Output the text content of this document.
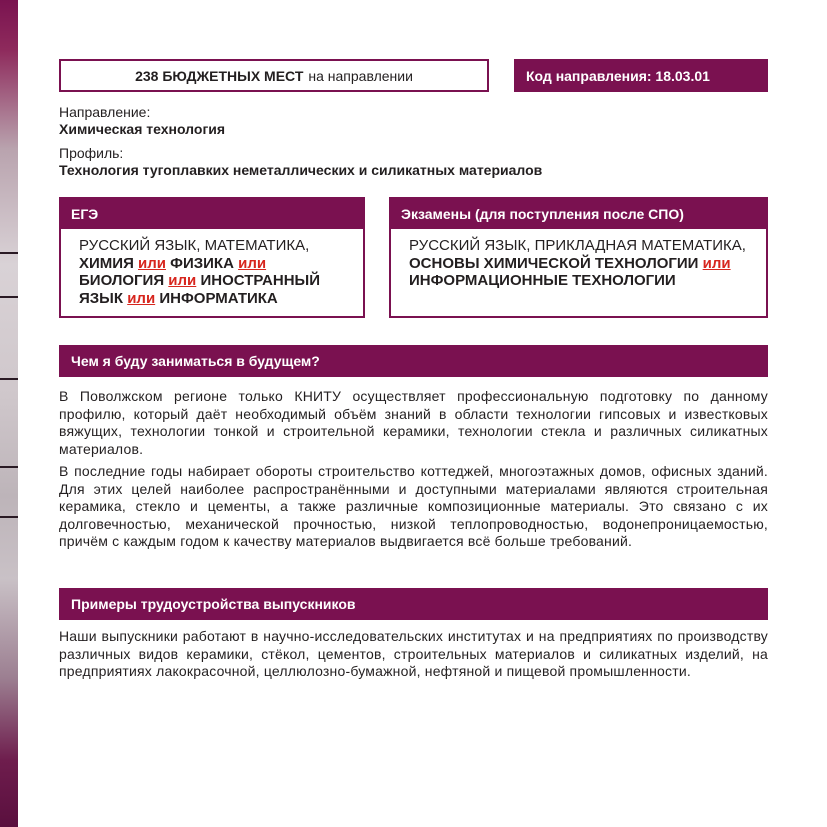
238 БЮДЖЕТНЫХ МЕСТ на направлении	Код направления: 18.03.01
Направление:
Химическая технология
Профиль:
Технология тугоплавких неметаллических и силикатных материалов
ЕГЭ
РУССКИЙ ЯЗЫК, МАТЕМАТИКА,
ХИМИЯ или ФИЗИКА или БИОЛОГИЯ или ИНОСТРАННЫЙ ЯЗЫК или ИНФОРМАТИКА
Экзамены (для поступления после СПО)
РУССКИЙ ЯЗЫК, ПРИКЛАДНАЯ МАТЕМАТИКА, ОСНОВЫ ХИМИЧЕСКОЙ ТЕХНОЛОГИИ или ИНФОРМАЦИОННЫЕ ТЕХНОЛОГИИ
Чем я буду заниматься в будущем?
В Поволжском регионе только КНИТУ осуществляет профессиональную подготовку по данному профилю, который даёт необходимый объём знаний в области технологии гипсовых и известковых вяжущих, технологии тонкой и строительной керамики, технологии стекла и различных силикатных материалов.
В последние годы набирает обороты строительство коттеджей, многоэтажных домов, офисных зданий. Для этих целей наиболее распространёнными и доступными материалами являются строительная керамика, стекло и цементы, а также различные композиционные материалы. Это связано с их долговечностью, механической прочностью, низкой теплопроводностью, водонепроницаемостью, причём с каждым годом к качеству материалов выдвигается всё больше требований.
Примеры трудоустройства выпускников
Наши выпускники работают в научно-исследовательских институтах и на предприятиях по производству различных видов керамики, стёкол, цементов, строительных материалов и силикатных изделий, на предприятиях лакокрасочной, целлюлозно-бумажной, нефтяной и пищевой промышленности.
